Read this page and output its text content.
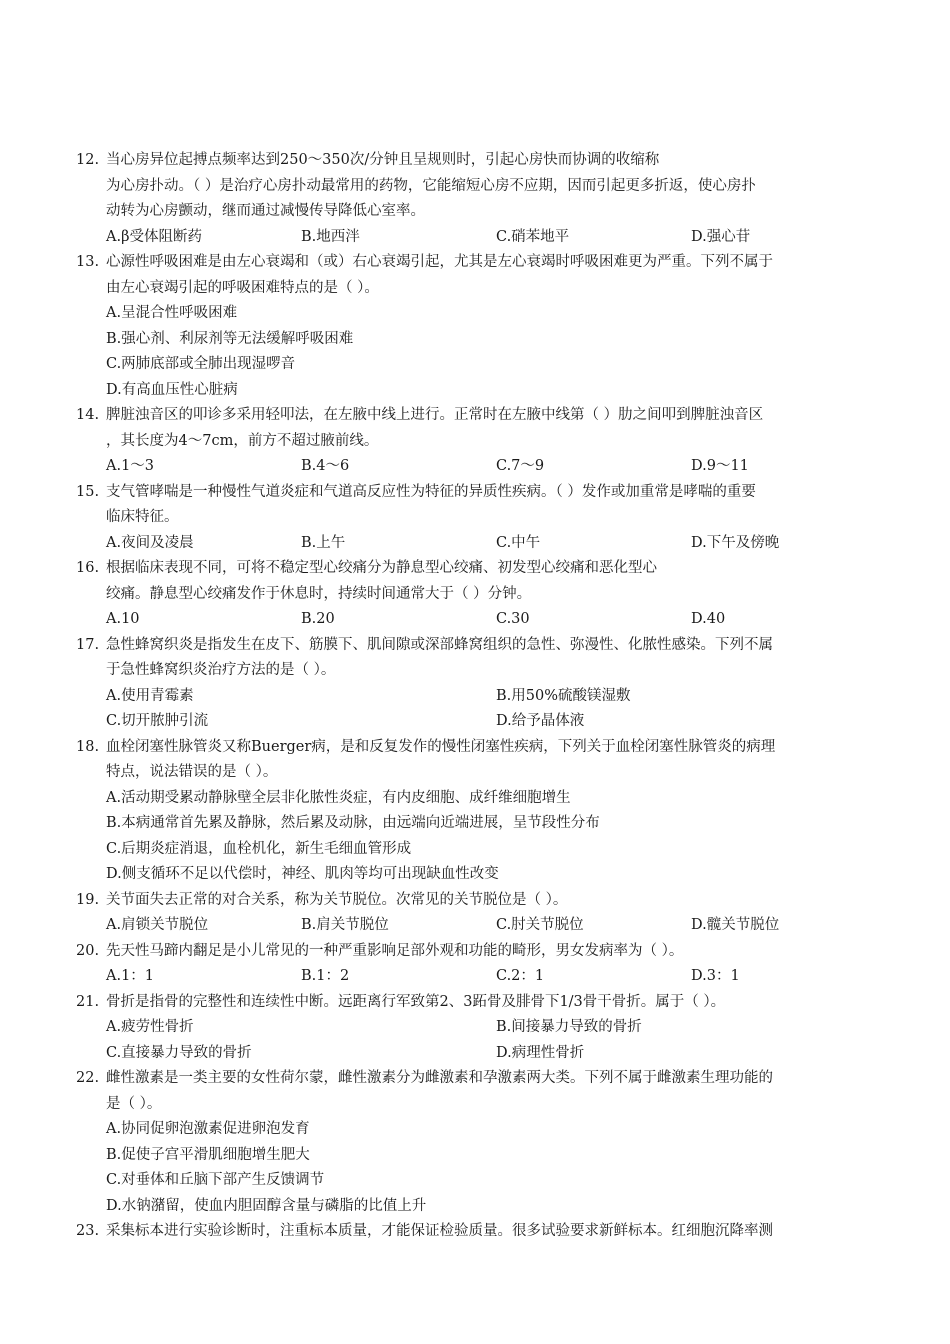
12. 当心房异位起搏点频率达到250～350次/分钟且呈规则时，引起心房快而协调的收缩称
为心房扑动。（ ）是治疗心房扑动最常用的药物，它能缩短心房不应期，因而引起更多折返，使心房扑
动转为心房颤动，继而通过减慢传导降低心室率。
A.β受体阻断药	B.地西泮	C.硝苯地平	D.强心苷
13. 心源性呼吸困难是由左心衰竭和（或）右心衰竭引起，尤其是左心衰竭时呼吸困难更为严重。下列不属于
由左心衰竭引起的呼吸困难特点的是（ ）。
A.呈混合性呼吸困难
B.强心剂、利尿剂等无法缓解呼吸困难
C.两肺底部或全肺出现湿啰音
D.有高血压性心脏病
14. 脾脏浊音区的叩诊多采用轻叩法，在左腋中线上进行。正常时在左腋中线第（ ）肋之间叩到脾脏浊音区
，其长度为4～7cm，前方不超过腋前线。
A.1～3	B.4～6	C.7～9	D.9～11
15. 支气管哮喘是一种慢性气道炎症和气道高反应性为特征的异质性疾病。（ ）发作或加重常是哮喘的重要
临床特征。
A.夜间及凌晨	B.上午	C.中午	D.下午及傍晚
16. 根据临床表现不同，可将不稳定型心绞痛分为静息型心绞痛、初发型心绞痛和恶化型心
绞痛。静息型心绞痛发作于休息时，持续时间通常大于（ ）分钟。
A.10	B.20	C.30	D.40
17. 急性蜂窝织炎是指发生在皮下、筋膜下、肌间隙或深部蜂窝组织的急性、弥漫性、化脓性感染。下列不属
于急性蜂窝织炎治疗方法的是（ ）。
A.使用青霉素	B.用50%硫酸镁湿敷
C.切开脓肿引流	D.给予晶体液
18. 血栓闭塞性脉管炎又称Buerger病，是和反复发作的慢性闭塞性疾病，下列关于血栓闭塞性脉管炎的病理
特点，说法错误的是（ ）。
A.活动期受累动静脉壁全层非化脓性炎症，有内皮细胞、成纤维细胞增生
B.本病通常首先累及静脉，然后累及动脉，由远端向近端进展，呈节段性分布
C.后期炎症消退，血栓机化，新生毛细血管形成
D.侧支循环不足以代偿时，神经、肌肉等均可出现缺血性改变
19. 关节面失去正常的对合关系，称为关节脱位。次常见的关节脱位是（ ）。
A.肩锁关节脱位	B.肩关节脱位	C.肘关节脱位	D.髋关节脱位
20. 先天性马蹄内翻足是小儿常见的一种严重影响足部外观和功能的畸形，男女发病率为（ ）。
A.1：1	B.1：2	C.2：1	D.3：1
21. 骨折是指骨的完整性和连续性中断。远距离行军致第2、3跖骨及腓骨下1/3骨干骨折。属于（ ）。
A.疲劳性骨折	B.间接暴力导致的骨折
C.直接暴力导致的骨折	D.病理性骨折
22. 雌性激素是一类主要的女性荷尔蒙，雌性激素分为雌激素和孕激素两大类。下列不属于雌激素生理功能的
是（ ）。
A.协同促卵泡激素促进卵泡发育
B.促使子宫平滑肌细胞增生肥大
C.对垂体和丘脑下部产生反馈调节
D.水钠潴留，使血内胆固醇含量与磷脂的比值上升
23. 采集标本进行实验诊断时，注重标本质量，才能保证检验质量。很多试验要求新鲜标本。红细胞沉降率测
